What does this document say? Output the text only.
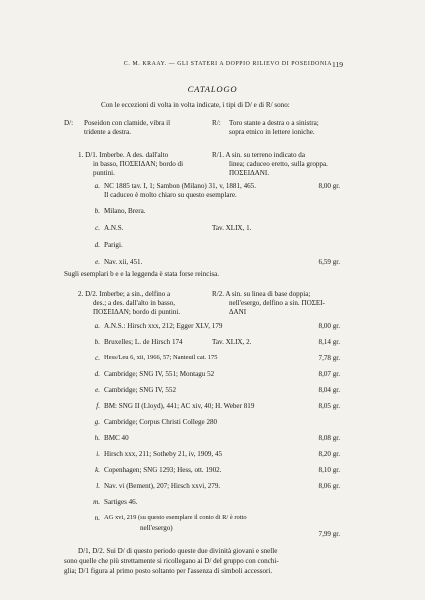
C. M. KRAAY. — GLI STATERI A DOPPIO RILIEVO DI POSEIDONIA 119
CATALOGO
Con le eccezioni di volta in volta indicate, i tipi di D/ e di R/ sono:
D/: Poseidon con clamide, vibra il
tridente a destra.
R/: Toro stante a destra o a sinistra;
sopra etnico in lettere ioniche.
1. D/1. Imberbe. A des. dall'alto
in basso, ΠΟΣΕΙΔΑΝ; bordo di
puntini.
R/1. A sin. su terreno indicato da
linea; caduceo eretto, sulla groppa.
ΠΟΣΕΙΔΑΝΙ.
a. NC 1885 tav. I, 1; Sambon (Milano) 31, v, 1881, 465.	8,00 gr.
Il caduceo è molto chiaro su questo esemplare.
b. Milano, Brera.
c. A.N.S.	Tav. XLIX, 1.
d. Parigi.
e. Nav. xii, 451.	6,59 gr.
Sugli esemplari b e e la leggenda è stata forse reincisa.
2. D/2. Imberbe; a sin., delfino a
des.; a des. dall'alto in basso,
ΠΟΣΕΙΔΑΝ; bordo di puntini.
R/2. A sin. su linea di base doppia;
nell'esergo, delfino a sin. ΠΟΣΕΙ-
ΔΑΝΙ
a. A.N.S.: Hirsch xxx, 212; Egger XLV, 179	8,00 gr.
b. Bruxelles; L. de Hirsch 174	Tav. XLIX, 2.	8,14 gr.
c. Hess/Leu 6, xii, 1966, 57; Nanteuil cat. 175	7,78 gr.
d. Cambridge; SNG IV, 551; Montagu 52	8,07 gr.
e. Cambridge; SNG IV, 552	8,04 gr.
f. BM: SNG II (Lloyd), 441; AC xiv, 40; H. Weber 819	8,05 gr.
g. Cambridge; Corpus Christi College 280
h. BMC 40	8,08 gr.
i. Hirsch xxx, 211; Sotheby 21, iv, 1909, 45	8,20 gr.
k. Copenhagen; SNG 1293; Hess, ott. 1902.	8,10 gr.
l. Nav. vi (Bement), 207; Hirsch xxvi, 279.	8,06 gr.
m. Sartiges 46.
n. AG xvi, 219 (su questo esemplare il conio di R/ è rotto
nell'esergo)
7,99 gr.
D/1, D/2. Sui D/ di questo periodo queste due divinità giovani e snelle
sono quelle che più strettamente si ricollegano ai D/ del gruppo con conchi-
glia; D/1 figura al primo posto soltanto per l'assenza di simboli accessori.
